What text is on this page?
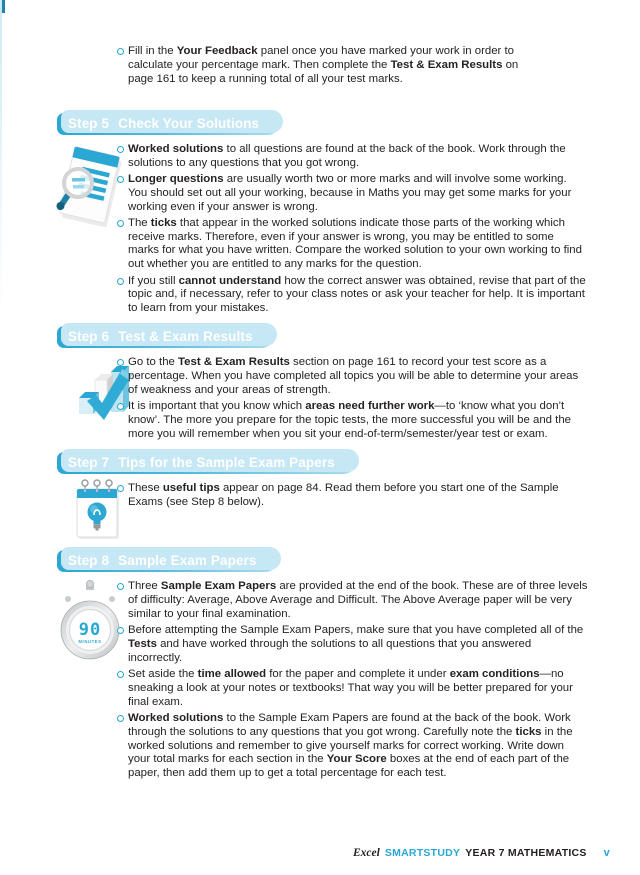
Fill in the Your Feedback panel once you have marked your work in order to calculate your percentage mark. Then complete the Test & Exam Results on page 161 to keep a running total of all your test marks.
Step 5 Check Your Solutions
Worked solutions to all questions are found at the back of the book. Work through the solutions to any questions that you got wrong.
Longer questions are usually worth two or more marks and will involve some working. You should set out all your working, because in Maths you may get some marks for your working even if your answer is wrong.
The ticks that appear in the worked solutions indicate those parts of the working which receive marks. Therefore, even if your answer is wrong, you may be entitled to some marks for what you have written. Compare the worked solution to your own working to find out whether you are entitled to any marks for the question.
If you still cannot understand how the correct answer was obtained, revise that part of the topic and, if necessary, refer to your class notes or ask your teacher for help. It is important to learn from your mistakes.
Step 6 Test & Exam Results
Go to the Test & Exam Results section on page 161 to record your test score as a percentage. When you have completed all topics you will be able to determine your areas of weakness and your areas of strength.
It is important that you know which areas need further work—to ‘know what you don’t know’. The more you prepare for the topic tests, the more successful you will be and the more you will remember when you sit your end-of-term/semester/year test or exam.
Step 7 Tips for the Sample Exam Papers
These useful tips appear on page 84. Read them before you start one of the Sample Exams (see Step 8 below).
Step 8 Sample Exam Papers
90
MINUTES
Three Sample Exam Papers are provided at the end of the book. These are of three levels of difficulty: Average, Above Average and Difficult. The Above Average paper will be very similar to your final examination.
Before attempting the Sample Exam Papers, make sure that you have completed all of the Tests and have worked through the solutions to all questions that you answered incorrectly.
Set aside the time allowed for the paper and complete it under exam conditions—no sneaking a look at your notes or textbooks! That way you will be better prepared for your final exam.
Worked solutions to the Sample Exam Papers are found at the back of the book. Work through the solutions to any questions that you got wrong. Carefully note the ticks in the worked solutions and remember to give yourself marks for correct working. Write down your total marks for each section in the Your Score boxes at the end of each part of the paper, then add them up to get a total percentage for each test.
Excel SMARTSTUDY YEAR 7 MATHEMATICS v
